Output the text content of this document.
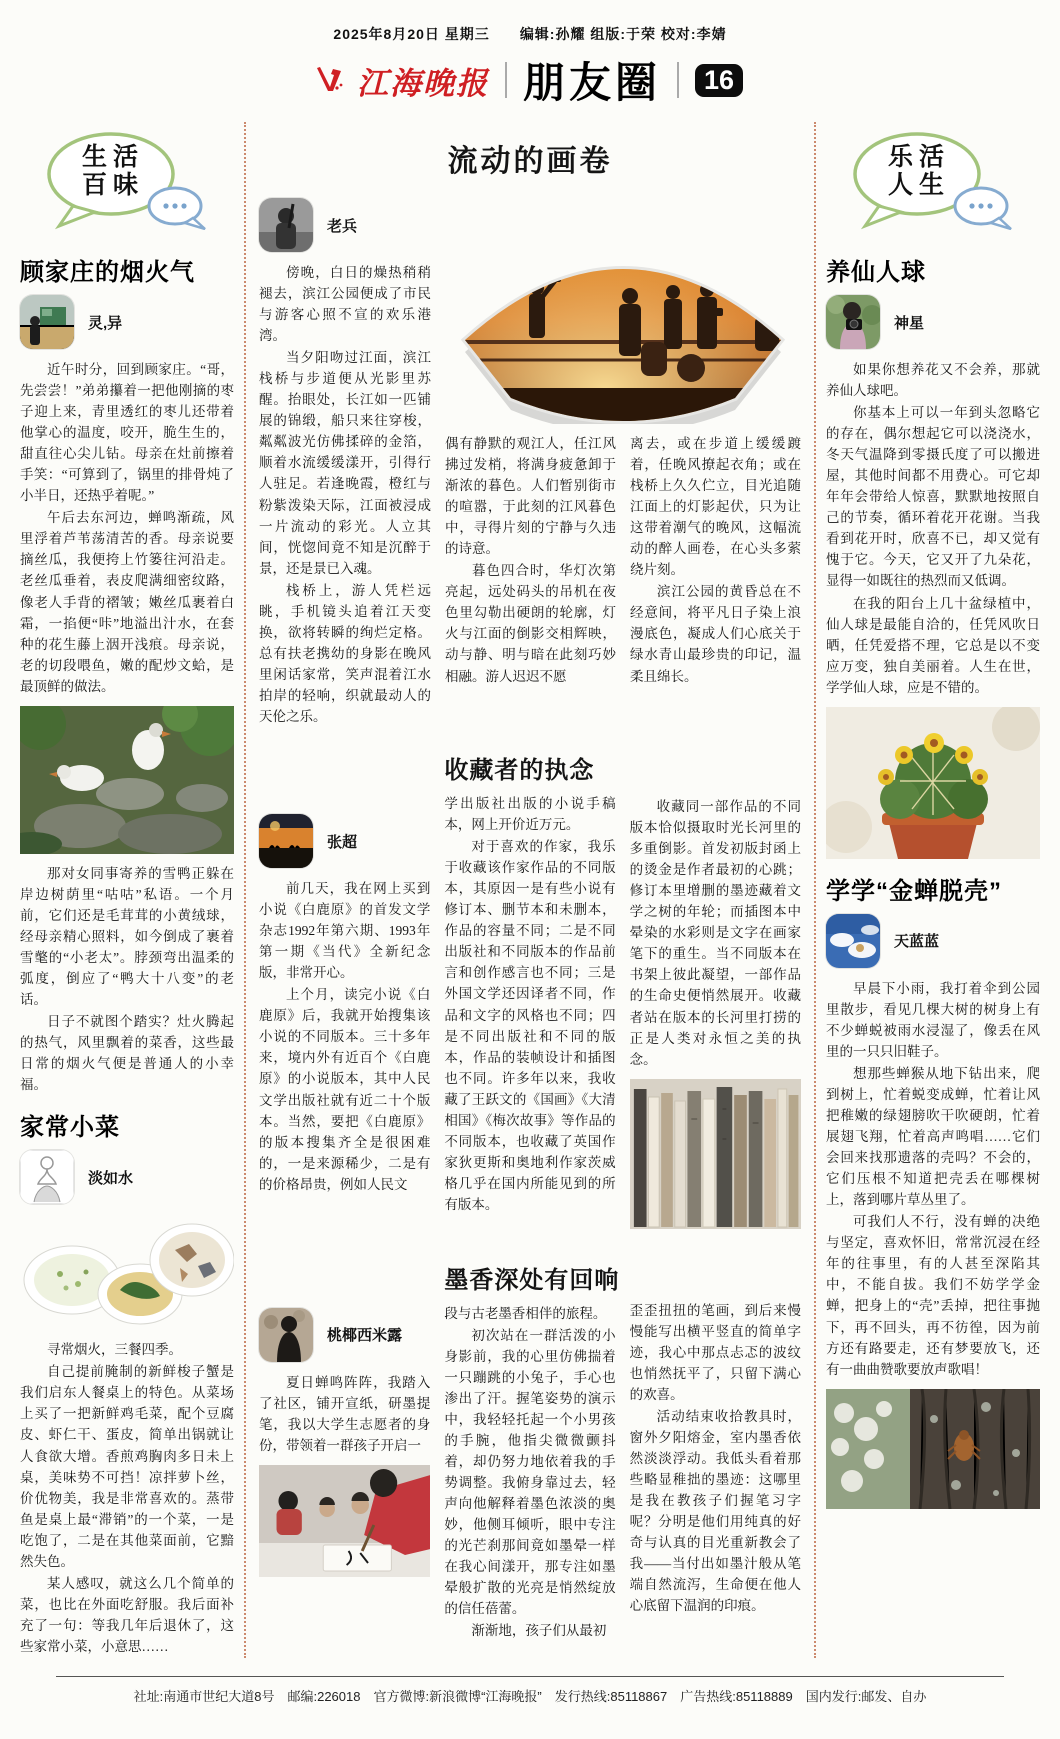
2025年8月20日 星期三 编辑:孙耀 组版:于荣 校对:李婧
江海晚报 朋友圈	16
生活
百味
顾家庄的烟火气
灵,异

近午时分，回到顾家庄。“哥，先尝尝！”弟弟攥着一把他刚摘的枣子迎上来，青里透红的枣儿还带着他掌心的温度，咬开，脆生生的，甜直往心尖儿钻。母亲在灶前擦着手笑：“可算到了，锅里的排骨炖了小半日，还热乎着呢。”

午后去东河边，蝉鸣渐疏，风里浮着芦苇荡清苦的香。母亲说要摘丝瓜，我便挎上竹篓往河沿走。老丝瓜垂着，表皮爬满细密纹路，像老人手背的褶皱；嫩丝瓜裹着白霜，一掐便“咔”地溢出汁水，在套种的花生藤上洇开浅痕。母亲说，老的切段喂鱼，嫩的配炒文蛤，是最顶鲜的做法。

那对女同事寄养的雪鸭正躲在岸边树荫里“咕咕”私语。一个月前，它们还是毛茸茸的小黄绒球，经母亲精心照料，如今倒成了裹着雪氅的“小老太”。脖颈弯出温柔的弧度，倒应了“鸭大十八变”的老话。

日子不就图个踏实？灶火腾起的热气，风里飘着的菜香，这些最日常的烟火气便是普通人的小幸福。

家常小菜
淡如水

寻常烟火，三餐四季。

自己提前腌制的新鲜梭子蟹是我们启东人餐桌上的特色。从菜场上买了一把新鲜鸡毛菜，配个豆腐皮、虾仁干、蛋皮，简单出锅就让人食欲大增。香煎鸡胸肉多日未上桌，美味势不可挡！凉拌萝卜丝，价优物美，我是非常喜欢的。蒸带鱼是桌上最“滞销”的一个菜，一是吃饱了，二是在其他菜面前，它黯然失色。

某人感叹，就这么几个简单的菜，也比在外面吃舒服。我后面补充了一句：等我几年后退休了，这些家常小菜，小意思……

流动的画卷
老兵

傍晚，白日的燥热稍稍褪去，滨江公园便成了市民与游客心照不宣的欢乐港湾。

当夕阳吻过江面，滨江栈桥与步道便从光影里苏醒。抬眼处，长江如一匹铺展的锦缎，船只来往穿梭，粼粼波光仿佛揉碎的金箔，顺着水流缓缓漾开，引得行人驻足。若逢晚霞，橙红与粉紫泼染天际，江面被浸成一片流动的彩光。人立其间，恍惚间竟不知是沉醉于景，还是景已入魂。

栈桥上，游人凭栏远眺，手机镜头追着江天变换，欲将转瞬的绚烂定格。总有扶老携幼的身影在晚风里闲话家常，笑声混着江水拍岸的轻响，织就最动人的天伦之乐。

偶有静默的观江人，任江风拂过发梢，将满身疲惫卸于渐浓的暮色。人们暂别街市的喧嚣，于此刻的江风暮色中，寻得片刻的宁静与久违的诗意。

暮色四合时，华灯次第亮起，远处码头的吊机在夜色里勾勒出硬朗的轮廓，灯火与江面的倒影交相辉映，动与静、明与暗在此刻巧妙相融。游人迟迟不愿

离去，或在步道上缓缓踱着，任晚风撩起衣角；或在栈桥上久久伫立，目光追随江面上的灯影起伏，只为让这带着潮气的晚风，这幅流动的醉人画卷，在心头多萦绕片刻。

滨江公园的黄昏总在不经意间，将平凡日子染上浪漫底色，凝成人们心底关于绿水青山最珍贵的印记，温柔且绵长。

张超

前几天，我在网上买到小说《白鹿原》的首发文学杂志1992年第六期、1993年第一期《当代》全新纪念版，非常开心。

上个月，读完小说《白鹿原》后，我就开始搜集该小说的不同版本。三十多年来，境内外有近百个《白鹿原》的小说版本，其中人民文学出版社就有近二十个版本。当然，要把《白鹿原》的版本搜集齐全是很困难的，一是来源稀少，二是有的价格昂贵，例如人民文

收藏者的执念

学出版社出版的小说手稿本，网上开价近万元。

对于喜欢的作家，我乐于收藏该作家作品的不同版本，其原因一是有些小说有修订本、删节本和未删本，作品的容量不同；二是不同出版社和不同版本的作品前言和创作感言也不同；三是外国文学还因译者不同，作品和文字的风格也不同；四是不同出版社和不同的版本，作品的装帧设计和插图也不同。许多年以来，我收藏了王跃文的《国画》《大清相国》《梅次故事》等作品的不同版本，也收藏了英国作家狄更斯和奥地利作家茨威格几乎在国内所能见到的所有版本。

收藏同一部作品的不同版本恰似摄取时光长河里的多重倒影。首发初版封函上的烫金是作者最初的心跳；修订本里增删的墨迹藏着文学之树的年轮；而插图本中晕染的水彩则是文字在画家笔下的重生。当不同版本在书架上彼此凝望，一部作品的生命史便悄然展开。收藏者站在版本的长河里打捞的正是人类对永恒之美的执念。

桃椰西米露

夏日蝉鸣阵阵，我踏入了社区，铺开宣纸，研墨提笔，我以大学生志愿者的身份，带领着一群孩子开启一

墨香深处有回响

段与古老墨香相伴的旅程。

初次站在一群活泼的小身影前，我的心里仿佛揣着一只蹦跳的小兔子，手心也渗出了汗。握笔姿势的演示中，我轻轻托起一个小男孩的手腕，他指尖微微颤抖着，却仍努力地依着我的手势调整。我俯身靠过去，轻声向他解释着墨色浓淡的奥妙，他侧耳倾听，眼中专注的光芒刹那间竟如墨晕一样在我心间漾开，那专注如墨晕般扩散的光亮是悄然绽放的信任蓓蕾。

渐渐地，孩子们从最初

歪歪扭扭的笔画，到后来慢慢能写出横平竖直的简单字迹，我心中那点忐忑的波纹也悄然抚平了，只留下满心的欢喜。

活动结束收拾教具时，窗外夕阳熔金，室内墨香依然淡淡浮动。我低头看着那些略显稚拙的墨迹：这哪里是我在教孩子们握笔习字呢？分明是他们用纯真的好奇与认真的目光重新教会了我——当付出如墨汁般从笔端自然流泻，生命便在他人心底留下温润的印痕。

乐活
人生
养仙人球
神星

如果你想养花又不会养，那就养仙人球吧。

你基本上可以一年到头忽略它的存在，偶尔想起它可以浇浇水，冬天气温降到零摄氏度了可以搬进屋，其他时间都不用费心。可它却年年会带给人惊喜，默默地按照自己的节奏，循环着花开花谢。当我看到花开时，欣喜不已，却又觉有愧于它。今天，它又开了九朵花，显得一如既往的热烈而又低调。

在我的阳台上几十盆绿植中，仙人球是最能自洽的，任凭风吹日晒，任凭爱搭不理，它总是以不变应万变，独自美丽着。人生在世，学学仙人球，应是不错的。

学学“金蝉脱壳”
天蓝蓝

早晨下小雨，我打着伞到公园里散步，看见几棵大树的树身上有不少蝉蜕被雨水浸湿了，像丢在风里的一只只旧鞋子。

想那些蝉猴从地下钻出来，爬到树上，忙着蜕变成蝉，忙着让风把稚嫩的绿翅膀吹干吹硬朗，忙着展翅飞翔，忙着高声鸣唱……它们会回来找那遗落的壳吗？不会的，它们压根不知道把壳丢在哪棵树上，落到哪片草丛里了。

可我们人不行，没有蝉的决绝与坚定，喜欢怀旧，常常沉浸在经年的往事里，有的人甚至深陷其中，不能自拔。我们不妨学学金蝉，把身上的“壳”丢掉，把往事抛下，再不回头，再不彷徨，因为前方还有路要走，还有梦要放飞，还有一曲曲赞歌要放声歌唱！

社址:南通市世纪大道8号　邮编:226018　官方微博:新浪微博“江海晚报”　发行热线:85118867　广告热线:85118889　国内发行:邮发、自办
